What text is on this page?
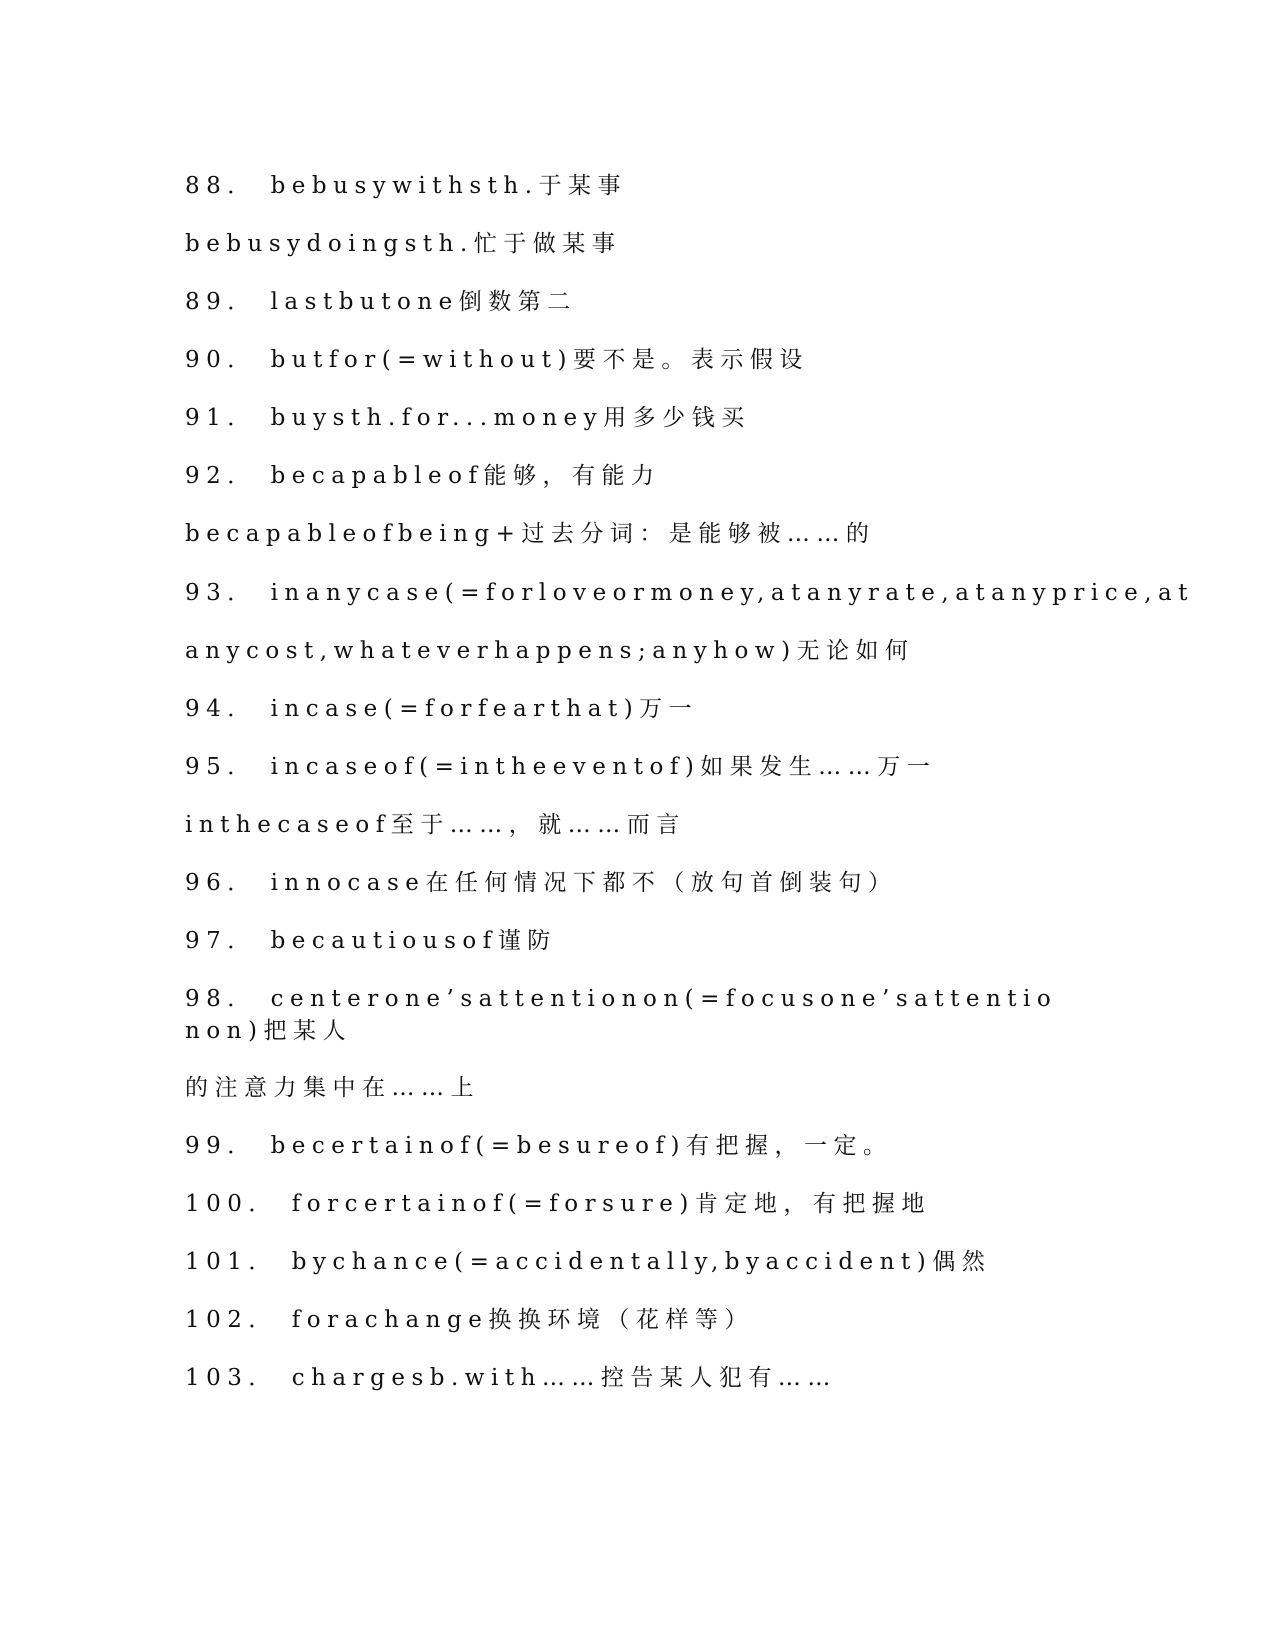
88． bebusywithsth.于某事
bebusydoingsth.忙于做某事
89． lastbutone倒数第二
90． butfor(=without)要不是。表示假设
91． buysth.for...money用多少钱买
92． becapableof能够，有能力
becapableofbeing+过去分词：是能够被……的
93． inanycase(=forloveormoney,atanyrate,atanyprice,at
anycost,whateverhappens;anyhow)无论如何
94． incase(=forfearthat)万一
95． incaseof(=intheeventof)如果发生……万一
inthecaseof至于……，就……而言
96． innocase在任何情况下都不（放句首倒装句）
97． becautiousof谨防
98． centerone’sattentionon(=focusone’sattentionon)把某人
的注意力集中在……上
99． becertainof(=besureof)有把握，一定。
100． forcertainof(=forsure)肯定地，有把握地
101． bychance(=accidentally,byaccident)偶然
102． forachange换换环境（花样等）
103． chargesb.with……控告某人犯有……
